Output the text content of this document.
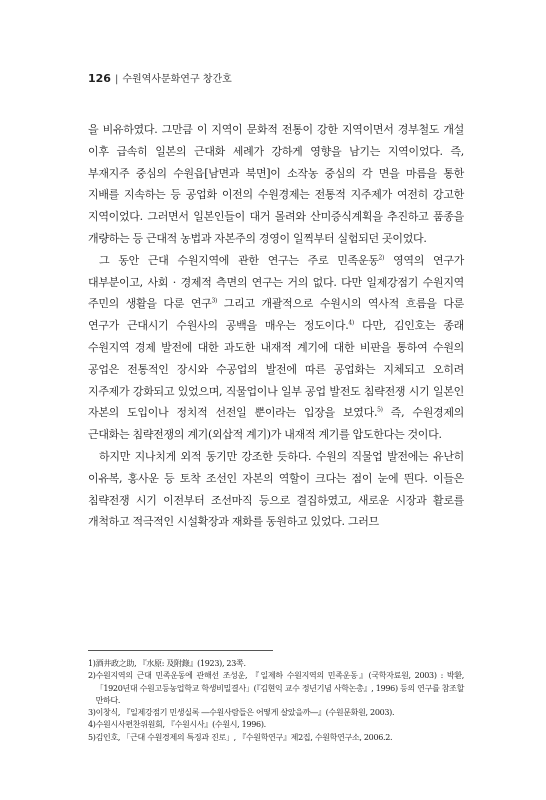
126 | 수원역사문화연구 창간호

을 비유하였다. 그만큼 이 지역이 문화적 전통이 강한 지역이면서 경부철도 개설 이후 급속히 일본의 근대화 세례가 강하게 영향을 남기는 지역이었다. 즉, 부재지주 중심의 수원읍[남면과 북면]이 소작농 중심의 각 면을 마름을 통한 지배를 지속하는 등 공업화 이전의 수원경제는 전통적 지주제가 여전히 강고한 지역이었다. 그러면서 일본인들이 대거 몰려와 산미증식계획을 추진하고 품종을 개량하는 등 근대적 농법과 자본주의 경영이 일찍부터 실험되던 곳이었다.

그 동안 근대 수원지역에 관한 연구는 주로 민족운동$^{2)}$ 영역의 연구가 대부분이고, 사회 · 경제적 측면의 연구는 거의 없다. 다만 일제강점기 수원지역 주민의 생활을 다룬 연구$^{3)}$ 그리고 개괄적으로 수원시의 역사적 흐름을 다룬 연구가 근대시기 수원사의 공백을 매우는 정도이다.$^{4)}$ 다만, 김인호는 종래 수원지역 경제 발전에 대한 과도한 내재적 계기에 대한 비판을 통하여 수원의 공업은 전통적인 장시와 수공업의 발전에 따른 공업화는 지체되고 오히려 지주제가 강화되고 있었으며, 직물업이나 일부 공업 발전도 침략전쟁 시기 일본인 자본의 도입이나 정치적 선전일 뿐이라는 입장을 보였다.$^{5)}$ 즉, 수원경제의 근대화는 침략전쟁의 계기(외삽적 계기)가 내재적 계기를 압도한다는 것이다.

하지만 지나치게 외적 동기만 강조한 듯하다. 수원의 직물업 발전에는 유난히 이유복, 홍사운 등 토착 조선인 자본의 역할이 크다는 점이 눈에 띈다. 이들은 침략전쟁 시기 이전부터 조선마직 등으로 결집하였고, 새로운 시장과 활로를 개척하고 적극적인 시설확장과 재화를 동원하고 있었다. 그러므

1) 酒井政之助, 『水原: 及附錄』(1923), 23쪽.
2) 수원지역의 근대 민족운동에 관해선 조성운, 『일제하 수원지역의 민족운동』(국학자료원, 2003) : 박환, 「1920년대 수원고등농업학교 학생비밀결사」(『김현익 교수 정년기념 사학논총』, 1996) 등의 연구를 참조할 만하다.
3) 이창식, 『일제강점기 민생실록 ―수원사람들은 어떻게 살았을까―』(수원문화원, 2003).
4) 수원시사편찬위원회, 『수원시사』(수원시, 1996).
5) 김인호, 「근대 수원경제의 특징과 진로」, 『수원학연구』제2집, 수원학연구소, 2006.2.
